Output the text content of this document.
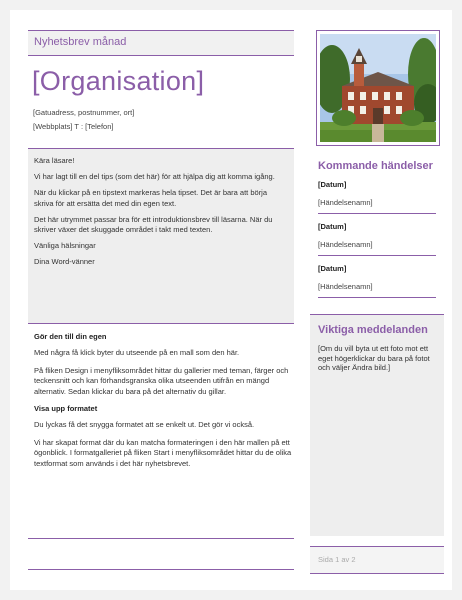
Nyhetsbrev månad
[Organisation]
[Gatuadress, postnummer, ort]
[Webbplats] T : [Telefon]

Kära läsare!

Vi har lagt till en del tips (som det här) för att hjälpa dig att komma igång.

När du klickar på en tipstext markeras hela tipset. Det är bara att börja skriva för att ersätta det med din egen text.

Det här utrymmet passar bra för ett introduktionsbrev till läsarna. När du skriver växer det skuggade området i takt med texten.

Vänliga hälsningar

Dina Word-vänner

Gör den till din egen

Med några få klick byter du utseende på en mall som den här.

På fliken Design i menyfliksområdet hittar du gallerier med teman, färger och teckensnitt och kan förhandsgranska olika utseenden utifrån en mängd alternativ. Sedan klickar du bara på det alternativ du gillar.

Visa upp formatet

Du lyckas få det snygga formatet att se enkelt ut. Det gör vi också.

Vi har skapat format där du kan matcha formateringen i den här mallen på ett ögonblick. I formatgalleriet på fliken Start i menyfliksområdet hittar du de olika textformat som används i det här nyhetsbrevet.

Kommande händelser
[Datum]
[Händelsenamn]
[Datum]
[Händelsenamn]
[Datum]
[Händelsenamn]
Viktiga meddelanden

[Om du vill byta ut ett foto mot ett eget högerklickar du bara på fotot och väljer Ändra bild.]

Sida 1 av 2
